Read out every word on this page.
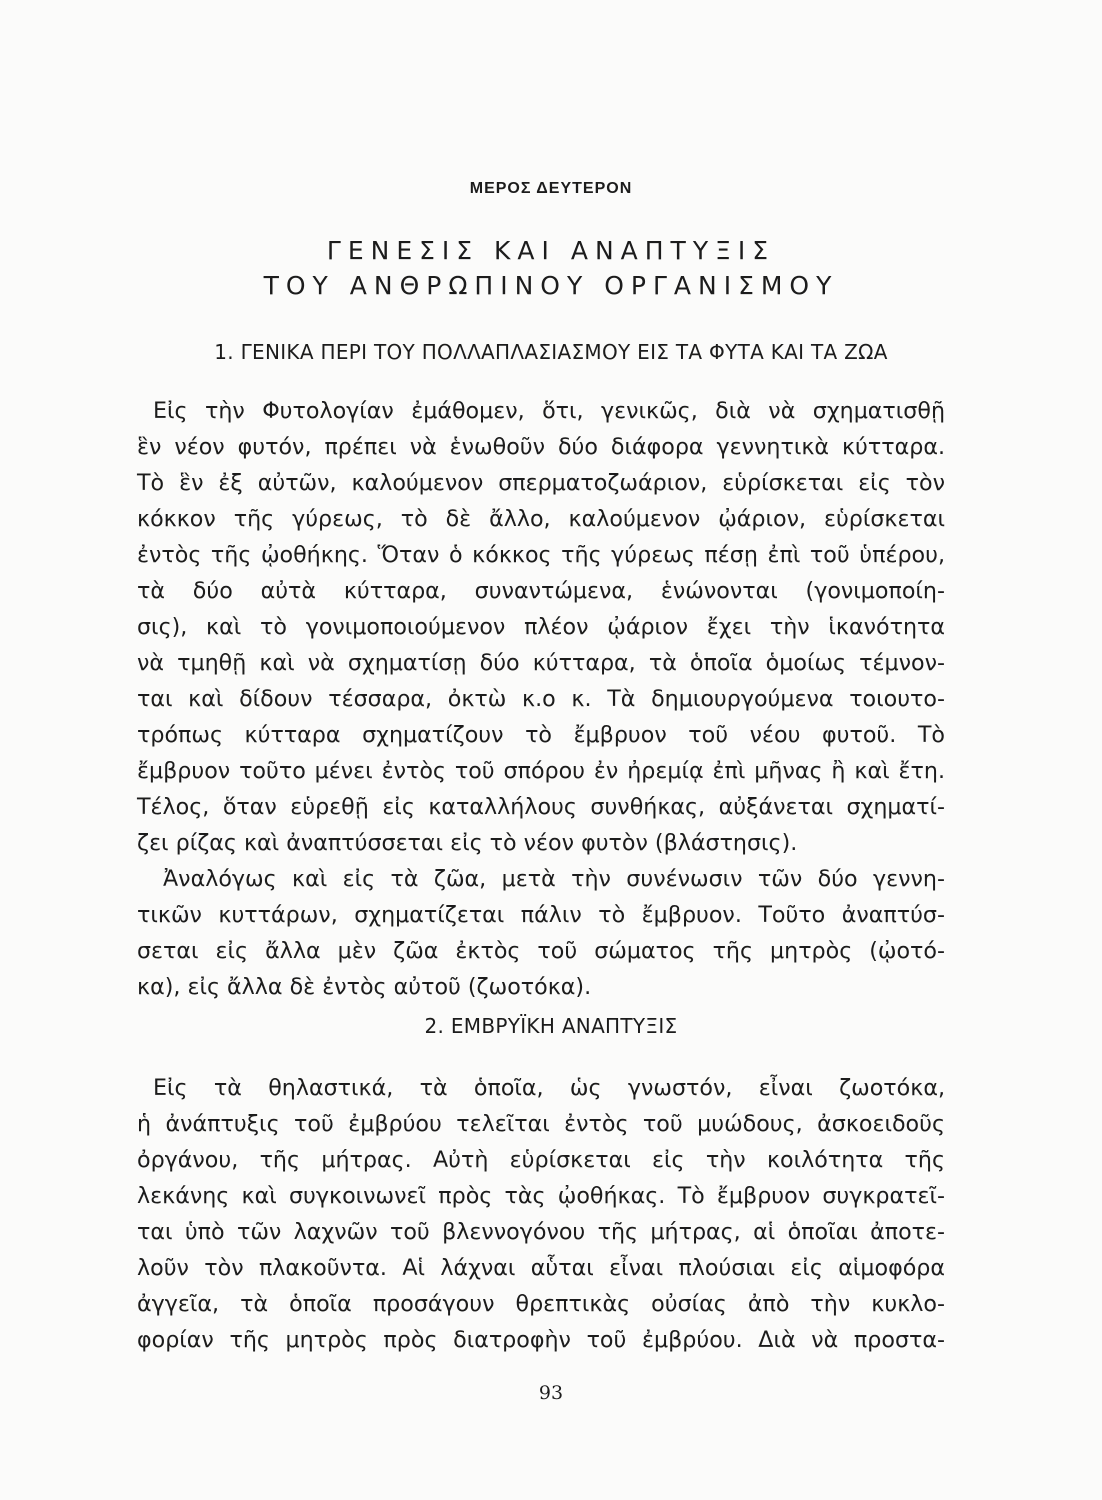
ΜΕΡΟΣ ΔΕΥΤΕΡΟΝ
ΓΕΝΕΣΙΣ ΚΑΙ ΑΝΑΠΤΥΞΙΣ
ΤΟΥ ΑΝΘΡΩΠΙΝΟΥ ΟΡΓΑΝΙΣΜΟΥ
1. ΓΕΝΙΚΑ ΠΕΡΙ ΤΟΥ ΠΟΛΛΑΠΛΑΣΙΑΣΜΟΥ ΕΙΣ ΤΑ ΦΥΤΑ ΚΑΙ ΤΑ ΖΩΑ
Εἰς τὴν Φυτολογίαν ἐμάθομεν, ὅτι, γενικῶς, διὰ νὰ σχηματισθῇ
ἓν νέον φυτόν, πρέπει νὰ ἑνωθοῦν δύο διάφορα γεννητικὰ κύτταρα.
Τὸ ἓν ἐξ αὐτῶν, καλούμενον σπερματοζωάριον, εὑρίσκεται εἰς τὸν
κόκκον τῆς γύρεως, τὸ δὲ ἄλλο, καλούμενον ᾠάριον, εὑρίσκεται
ἐντὸς τῆς ᾠοθήκης. Ὅταν ὁ κόκκος τῆς γύρεως πέσῃ ἐπὶ τοῦ ὑπέρου,
τὰ δύο αὐτὰ κύτταρα, συναντώμενα, ἑνώνονται (γονιμοποίη-
σις), καὶ τὸ γονιμοποιούμενον πλέον ᾠάριον ἔχει τὴν ἱκανότητα
νὰ τμηθῇ καὶ νὰ σχηματίσῃ δύο κύτταρα, τὰ ὁποῖα ὁμοίως τέμνον-
ται καὶ δίδουν τέσσαρα, ὀκτὼ κ.ο κ. Τὰ δημιουργούμενα τοιουτο-
τρόπως κύτταρα σχηματίζουν τὸ ἔμβρυον τοῦ νέου φυτοῦ. Τὸ
ἔμβρυον τοῦτο μένει ἐντὸς τοῦ σπόρου ἐν ἠρεμίᾳ ἐπὶ μῆνας ἢ καὶ ἔτη.
Τέλος, ὅταν εὑρεθῇ εἰς καταλλήλους συνθήκας, αὐξάνεται σχηματί-
ζει ρίζας καὶ ἀναπτύσσεται εἰς τὸ νέον φυτὸν (βλάστησις).
Ἀναλόγως καὶ εἰς τὰ ζῶα, μετὰ τὴν συνένωσιν τῶν δύο γεννη-
τικῶν κυττάρων, σχηματίζεται πάλιν τὸ ἔμβρυον. Τοῦτο ἀναπτύσ-
σεται εἰς ἄλλα μὲν ζῶα ἐκτὸς τοῦ σώματος τῆς μητρὸς (ᾠοτό-
κα), εἰς ἄλλα δὲ ἐντὸς αὐτοῦ (ζωοτόκα).
2. ΕΜΒΡΥΪΚΗ ΑΝΑΠΤΥΞΙΣ
Εἰς τὰ θηλαστικά, τὰ ὁποῖα, ὡς γνωστόν, εἶναι ζωοτόκα,
ἡ ἀνάπτυξις τοῦ ἐμβρύου τελεῖται ἐντὸς τοῦ μυώδους, ἀσκοειδοῦς
ὀργάνου, τῆς μήτρας. Αὐτὴ εὑρίσκεται εἰς τὴν κοιλότητα τῆς
λεκάνης καὶ συγκοινωνεῖ πρὸς τὰς ᾠοθήκας. Τὸ ἔμβρυον συγκρατεῖ-
ται ὑπὸ τῶν λαχνῶν τοῦ βλεννογόνου τῆς μήτρας, αἱ ὁποῖαι ἀποτε-
λοῦν τὸν πλακοῦντα. Αἱ λάχναι αὗται εἶναι πλούσιαι εἰς αἱμοφόρα
ἀγγεῖα, τὰ ὁποῖα προσάγουν θρεπτικὰς οὐσίας ἀπὸ τὴν κυκλο-
φορίαν τῆς μητρὸς πρὸς διατροφὴν τοῦ ἐμβρύου. Διὰ νὰ προστα-
93
